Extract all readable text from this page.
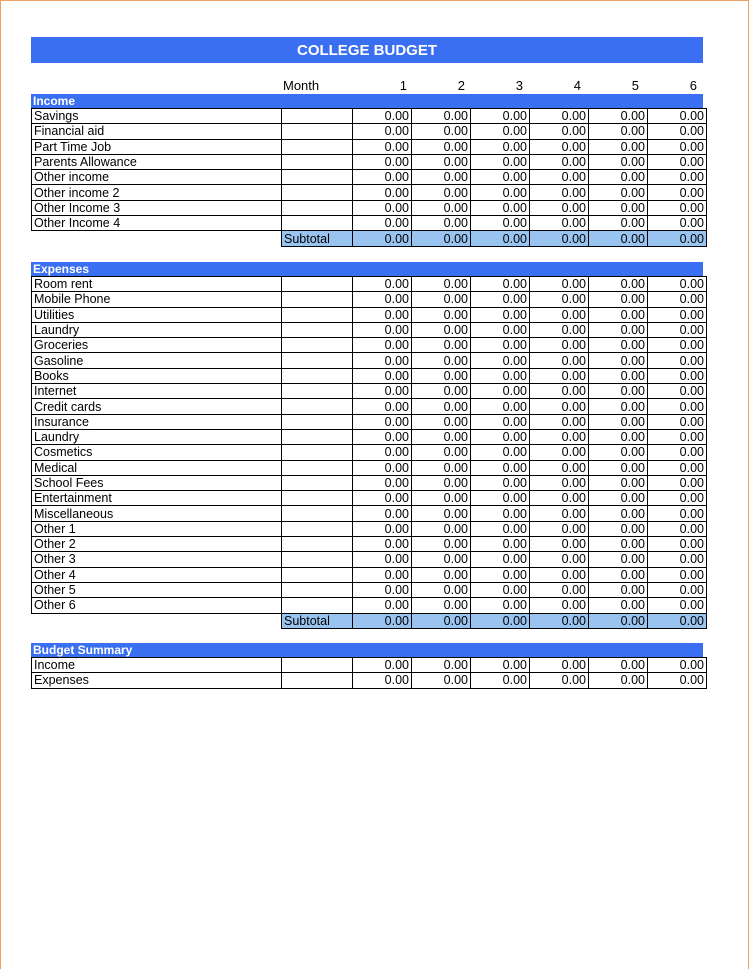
COLLEGE BUDGET
Month	1	2	3	4	5	6
Income
Savings		0.00	0.00	0.00	0.00	0.00	0.00
Financial aid		0.00	0.00	0.00	0.00	0.00	0.00
Part Time Job		0.00	0.00	0.00	0.00	0.00	0.00
Parents Allowance		0.00	0.00	0.00	0.00	0.00	0.00
Other income		0.00	0.00	0.00	0.00	0.00	0.00
Other income 2		0.00	0.00	0.00	0.00	0.00	0.00
Other Income 3		0.00	0.00	0.00	0.00	0.00	0.00
Other Income 4		0.00	0.00	0.00	0.00	0.00	0.00
	Subtotal	0.00	0.00	0.00	0.00	0.00	0.00
Expenses
Room rent		0.00	0.00	0.00	0.00	0.00	0.00
Mobile Phone		0.00	0.00	0.00	0.00	0.00	0.00
Utilities		0.00	0.00	0.00	0.00	0.00	0.00
Laundry		0.00	0.00	0.00	0.00	0.00	0.00
Groceries		0.00	0.00	0.00	0.00	0.00	0.00
Gasoline		0.00	0.00	0.00	0.00	0.00	0.00
Books		0.00	0.00	0.00	0.00	0.00	0.00
Internet		0.00	0.00	0.00	0.00	0.00	0.00
Credit cards		0.00	0.00	0.00	0.00	0.00	0.00
Insurance		0.00	0.00	0.00	0.00	0.00	0.00
Laundry		0.00	0.00	0.00	0.00	0.00	0.00
Cosmetics		0.00	0.00	0.00	0.00	0.00	0.00
Medical		0.00	0.00	0.00	0.00	0.00	0.00
School Fees		0.00	0.00	0.00	0.00	0.00	0.00
Entertainment		0.00	0.00	0.00	0.00	0.00	0.00
Miscellaneous		0.00	0.00	0.00	0.00	0.00	0.00
Other 1		0.00	0.00	0.00	0.00	0.00	0.00
Other 2		0.00	0.00	0.00	0.00	0.00	0.00
Other 3		0.00	0.00	0.00	0.00	0.00	0.00
Other 4		0.00	0.00	0.00	0.00	0.00	0.00
Other 5		0.00	0.00	0.00	0.00	0.00	0.00
Other 6		0.00	0.00	0.00	0.00	0.00	0.00
	Subtotal	0.00	0.00	0.00	0.00	0.00	0.00
Budget Summary
Income		0.00	0.00	0.00	0.00	0.00	0.00
Expenses		0.00	0.00	0.00	0.00	0.00	0.00
